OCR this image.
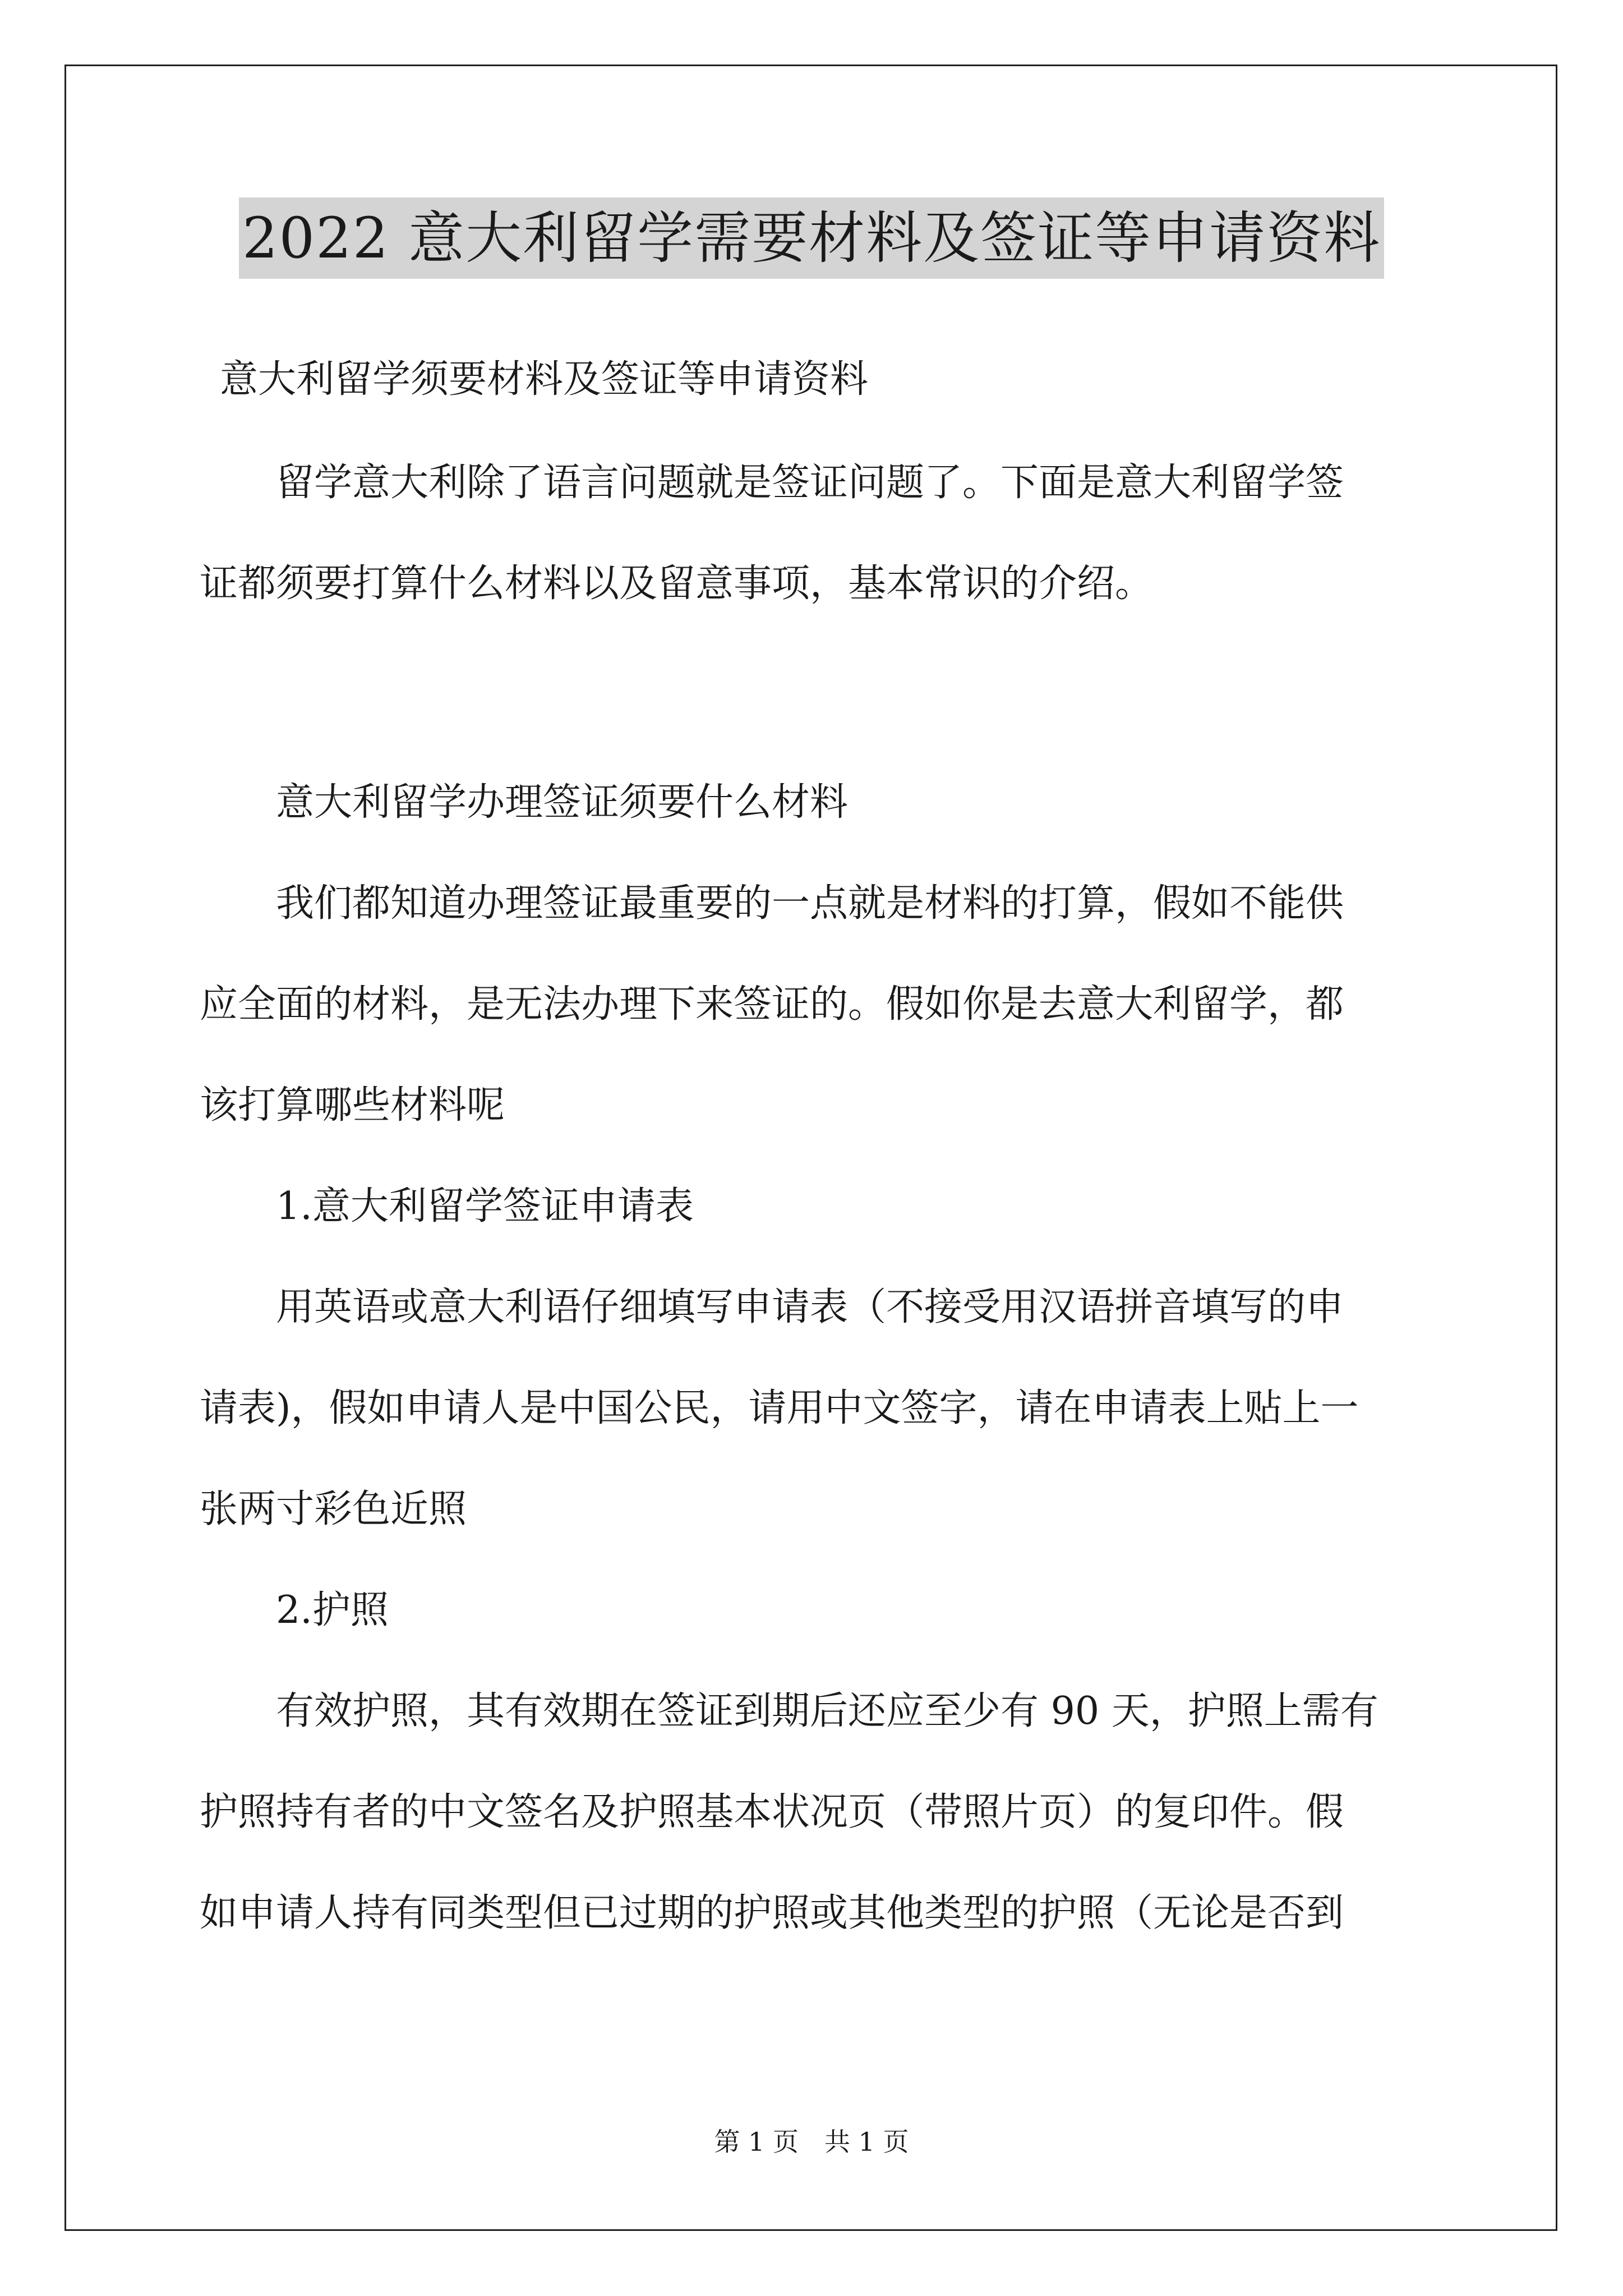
2022 意大利留学需要材料及签证等申请资料
意大利留学须要材料及签证等申请资料
　　留学意大利除了语言问题就是签证问题了。下面是意大利留学签
证都须要打算什么材料以及留意事项，基本常识的介绍。
　　意大利留学办理签证须要什么材料
　　我们都知道办理签证最重要的一点就是材料的打算，假如不能供
应全面的材料，是无法办理下来签证的。假如你是去意大利留学，都
该打算哪些材料呢
　　1.意大利留学签证申请表
　　用英语或意大利语仔细填写申请表（不接受用汉语拼音填写的申
请表)，假如申请人是中国公民，请用中文签字，请在申请表上贴上一
张两寸彩色近照
　　2.护照
　　有效护照，其有效期在签证到期后还应至少有 90 天，护照上需有
护照持有者的中文签名及护照基本状况页（带照片页）的复印件。假
如申请人持有同类型但已过期的护照或其他类型的护照（无论是否到
第 1 页　共 1 页
